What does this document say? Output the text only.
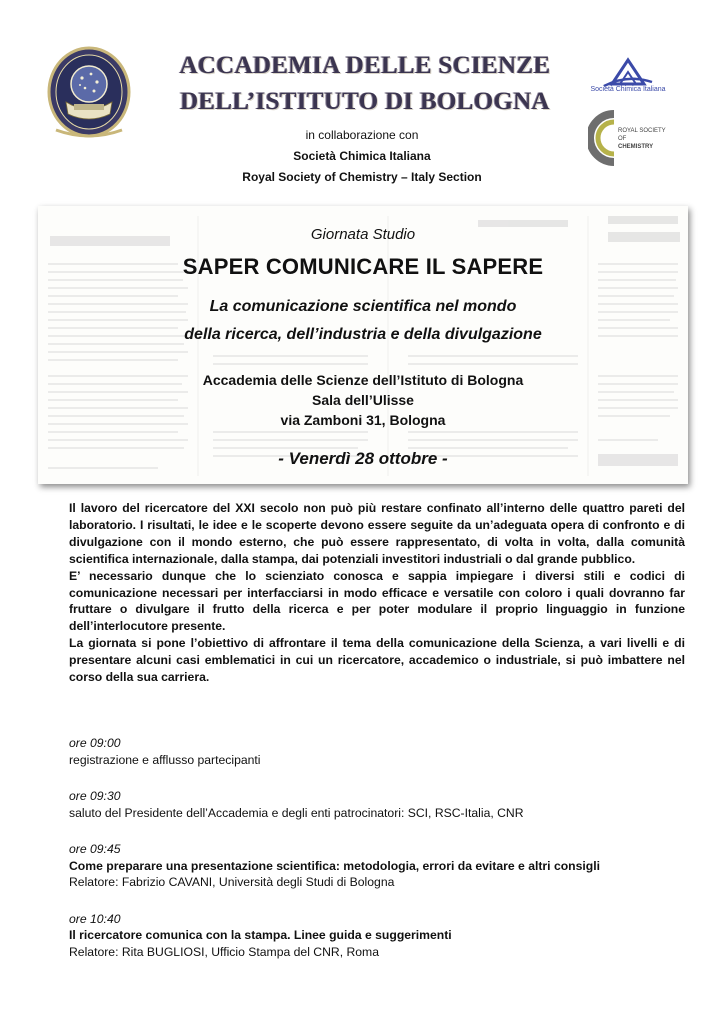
ACCADEMIA DELLE SCIENZE
DELL’ISTITUTO DI BOLOGNA	Società Chimica Italiana
ROYAL SOCIETY
OF
CHEMISTRY
in collaborazione con
Società Chimica Italiana
Royal Society of Chemistry – Italy Section
Giornata Studio
SAPER COMUNICARE IL SAPERE
La comunicazione scientifica nel mondo
della ricerca, dell’industria e della divulgazione
Accademia delle Scienze dell’Istituto di Bologna
Sala dell’Ulisse
via Zamboni 31, Bologna
- Venerdì 28 ottobre -

Il lavoro del ricercatore del XXI secolo non può più restare confinato all’interno delle quattro pareti del laboratorio. I risultati, le idee e le scoperte devono essere seguite da un’adeguata opera di confronto e di divulgazione con il mondo esterno, che può essere rappresentato, di volta in volta, dalla comunità scientifica internazionale, dalla stampa, dai potenziali investitori industriali o dal grande pubblico.

E’ necessario dunque che lo scienziato conosca e sappia impiegare i diversi stili e codici di comunicazione necessari per interfacciarsi in modo efficace e versatile con coloro i quali dovranno far fruttare o divulgare il frutto della ricerca e per poter modulare il proprio linguaggio in funzione dell’interlocutore presente.

La giornata si pone l’obiettivo di affrontare il tema della comunicazione della Scienza, a vari livelli e di presentare alcuni casi emblematici in cui un ricercatore, accademico o industriale, si può imbattere nel corso della sua carriera.

ore 09:00
registrazione e afflusso partecipanti
ore 09:30
saluto del Presidente dell’Accademia e degli enti patrocinatori: SCI, RSC-Italia, CNR
ore 09:45
Come preparare una presentazione scientifica: metodologia, errori da evitare e altri consigli
Relatore: Fabrizio CAVANI, Università degli Studi di Bologna
ore 10:40
Il ricercatore comunica con la stampa. Linee guida e suggerimenti
Relatore: Rita BUGLIOSI, Ufficio Stampa del CNR, Roma
